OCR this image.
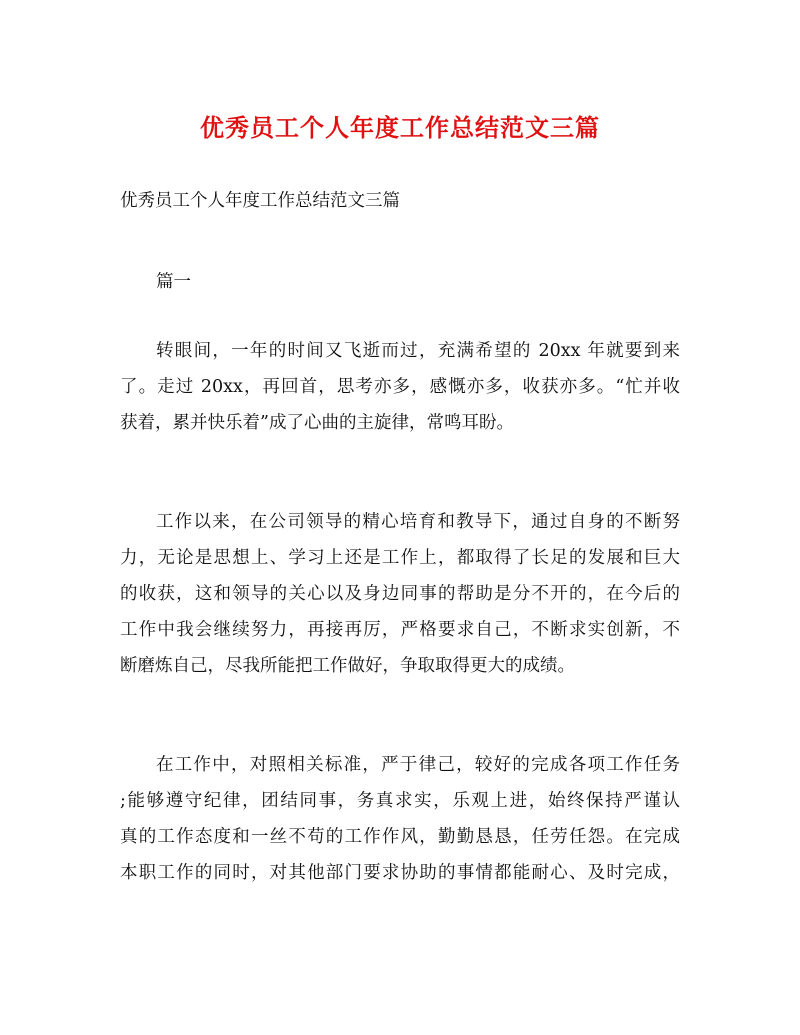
优秀员工个人年度工作总结范文三篇

优秀员工个人年度工作总结范文三篇

篇一

转眼间，一年的时间又飞逝而过，充满希望的 20xx 年就要到来
了。走过 20xx，再回首，思考亦多，感慨亦多，收获亦多。“忙并收
获着，累并快乐着”成了心曲的主旋律，常鸣耳盼。

工作以来，在公司领导的精心培育和教导下，通过自身的不断努
力，无论是思想上、学习上还是工作上，都取得了长足的发展和巨大
的收获，这和领导的关心以及身边同事的帮助是分不开的，在今后的
工作中我会继续努力，再接再厉，严格要求自己，不断求实创新，不
断磨炼自己，尽我所能把工作做好，争取取得更大的成绩。

在工作中，对照相关标准，严于律己，较好的完成各项工作任务
;能够遵守纪律，团结同事，务真求实，乐观上进，始终保持严谨认
真的工作态度和一丝不苟的工作作风，勤勤恳恳，任劳任怨。在完成
本职工作的同时，对其他部门要求协助的事情都能耐心、及时完成，
